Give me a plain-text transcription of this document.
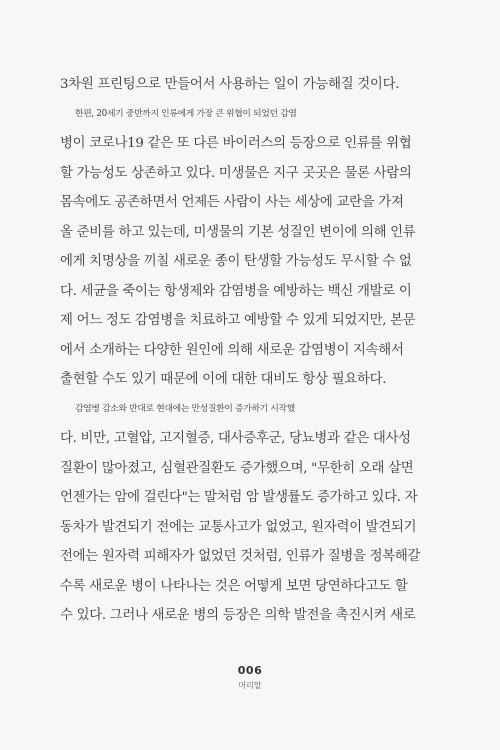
3차원 프린팅으로 만들어서 사용하는 일이 가능해질 것이다.
한편, 20세기 중반까지 인류에게 가장 큰 위협이 되었던 감염
병이 코로나19 같은 또 다른 바이러스의 등장으로 인류를 위협
할 가능성도 상존하고 있다. 미생물은 지구 곳곳은 물론 사람의
몸속에도 공존하면서 언제든 사람이 사는 세상에 교란을 가져
올 준비를 하고 있는데, 미생물의 기본 성질인 변이에 의해 인류
에게 치명상을 끼칠 새로운 종이 탄생할 가능성도 무시할 수 없
다. 세균을 죽이는 항생제와 감염병을 예방하는 백신 개발로 이
제 어느 정도 감염병을 치료하고 예방할 수 있게 되었지만, 본문
에서 소개하는 다양한 원인에 의해 새로운 감염병이 지속해서
출현할 수도 있기 때문에 이에 대한 대비도 항상 필요하다.
감염병 감소와 반대로 현대에는 만성질환이 증가하기 시작했
다. 비만, 고혈압, 고지혈증, 대사증후군, 당뇨병과 같은 대사성
질환이 많아졌고, 심혈관질환도 증가했으며, "무한히 오래 살면
언젠가는 암에 걸린다"는 말처럼 암 발생률도 증가하고 있다. 자
동차가 발견되기 전에는 교통사고가 없었고, 원자력이 발견되기
전에는 원자력 피해자가 없었던 것처럼, 인류가 질병을 정복해갈
수록 새로운 병이 나타나는 것은 어떻게 보면 당연하다고도 할
수 있다. 그러나 새로운 병의 등장은 의학 발전을 촉진시켜 새로
006
머리말
